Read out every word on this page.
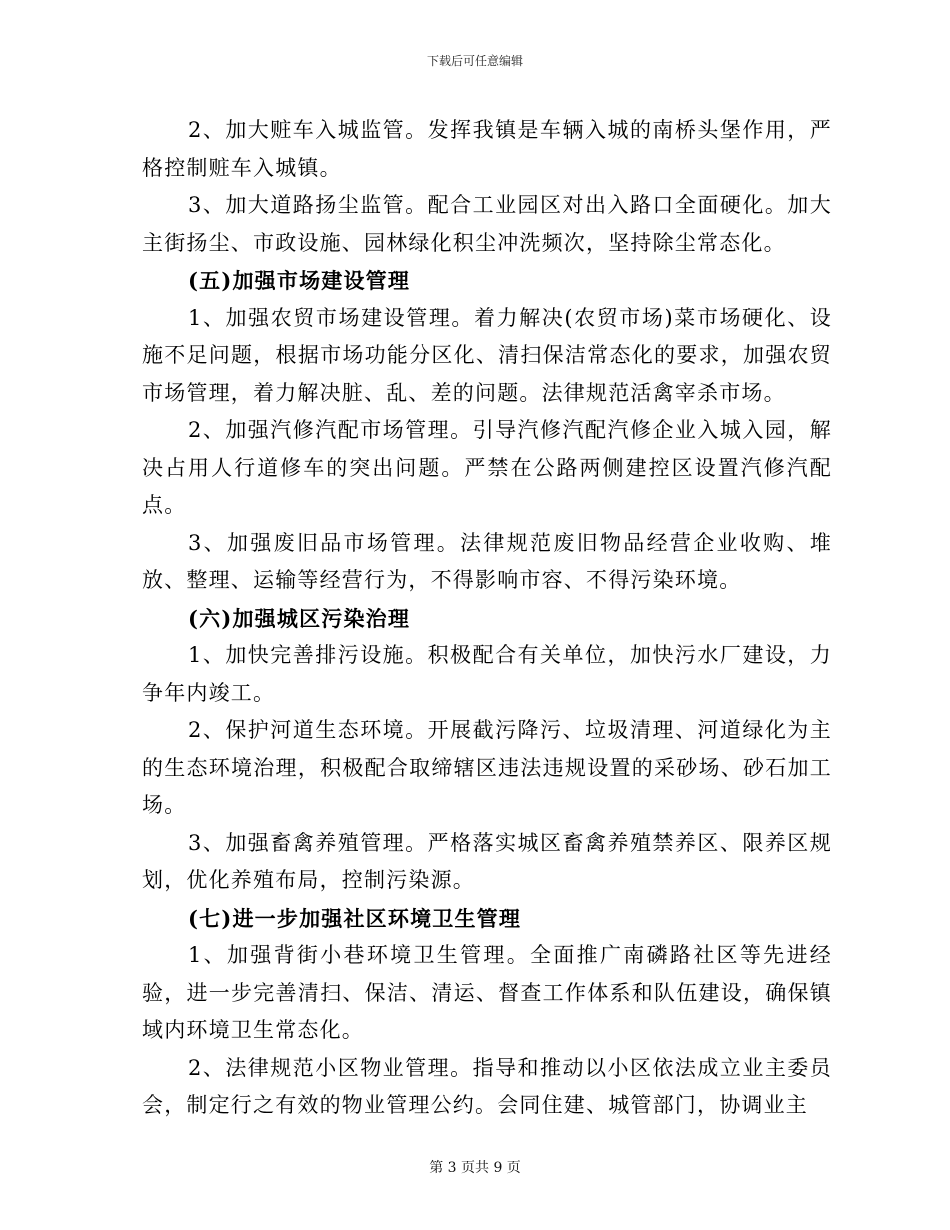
下载后可任意编辑

2、加大赃车入城监管。发挥我镇是车辆入城的南桥头堡作用，严格控制赃车入城镇。

3、加大道路扬尘监管。配合工业园区对出入路口全面硬化。加大主街扬尘、市政设施、园林绿化积尘冲洗频次，坚持除尘常态化。

(五)加强市场建设管理

1、加强农贸市场建设管理。着力解决(农贸市场)菜市场硬化、设施不足问题，根据市场功能分区化、清扫保洁常态化的要求，加强农贸市场管理，着力解决脏、乱、差的问题。法律规范活禽宰杀市场。

2、加强汽修汽配市场管理。引导汽修汽配汽修企业入城入园，解决占用人行道修车的突出问题。严禁在公路两侧建控区设置汽修汽配点。

3、加强废旧品市场管理。法律规范废旧物品经营企业收购、堆放、整理、运输等经营行为，不得影响市容、不得污染环境。

(六)加强城区污染治理

1、加快完善排污设施。积极配合有关单位，加快污水厂建设，力争年内竣工。

2、保护河道生态环境。开展截污降污、垃圾清理、河道绿化为主的生态环境治理，积极配合取缔辖区违法违规设置的采砂场、砂石加工场。

3、加强畜禽养殖管理。严格落实城区畜禽养殖禁养区、限养区规划，优化养殖布局，控制污染源。

(七)进一步加强社区环境卫生管理

1、加强背街小巷环境卫生管理。全面推广南磷路社区等先进经验，进一步完善清扫、保洁、清运、督查工作体系和队伍建设，确保镇域内环境卫生常态化。

2、法律规范小区物业管理。指导和推动以小区依法成立业主委员会，制定行之有效的物业管理公约。会同住建、城管部门，协调业主

第 3 页共 9 页
